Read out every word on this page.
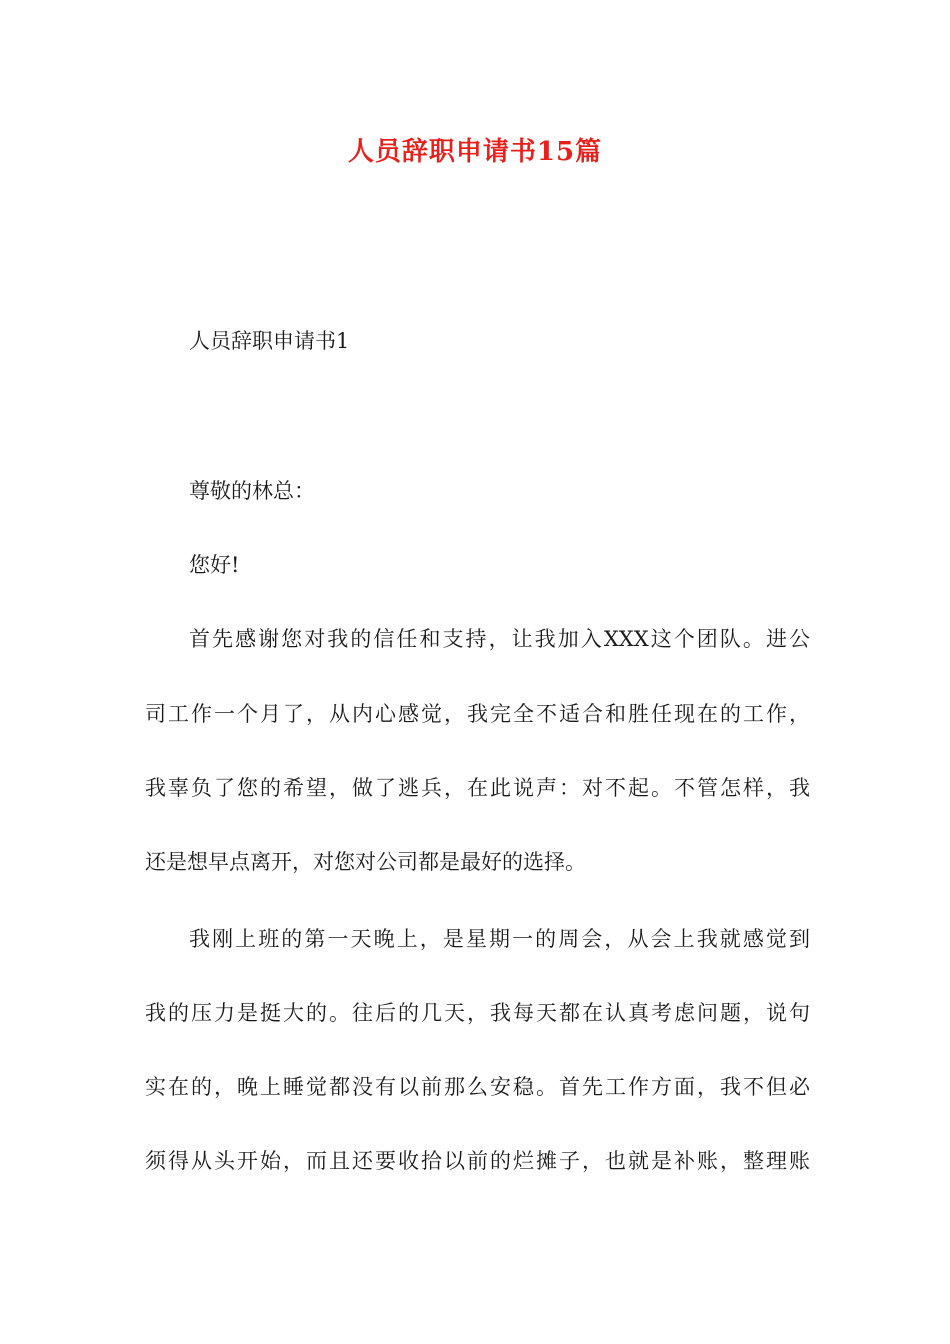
人员辞职申请书15篇
人员辞职申请书1
尊敬的林总：
您好!
首先感谢您对我的信任和支持，让我加入XXX这个团队。进公
司工作一个月了，从内心感觉，我完全不适合和胜任现在的工作，
我辜负了您的希望，做了逃兵，在此说声：对不起。不管怎样，我
还是想早点离开，对您对公司都是最好的选择。
我刚上班的第一天晚上，是星期一的周会，从会上我就感觉到
我的压力是挺大的。往后的几天，我每天都在认真考虑问题，说句
实在的，晚上睡觉都没有以前那么安稳。首先工作方面，我不但必
须得从头开始，而且还要收拾以前的烂摊子，也就是补账，整理账
